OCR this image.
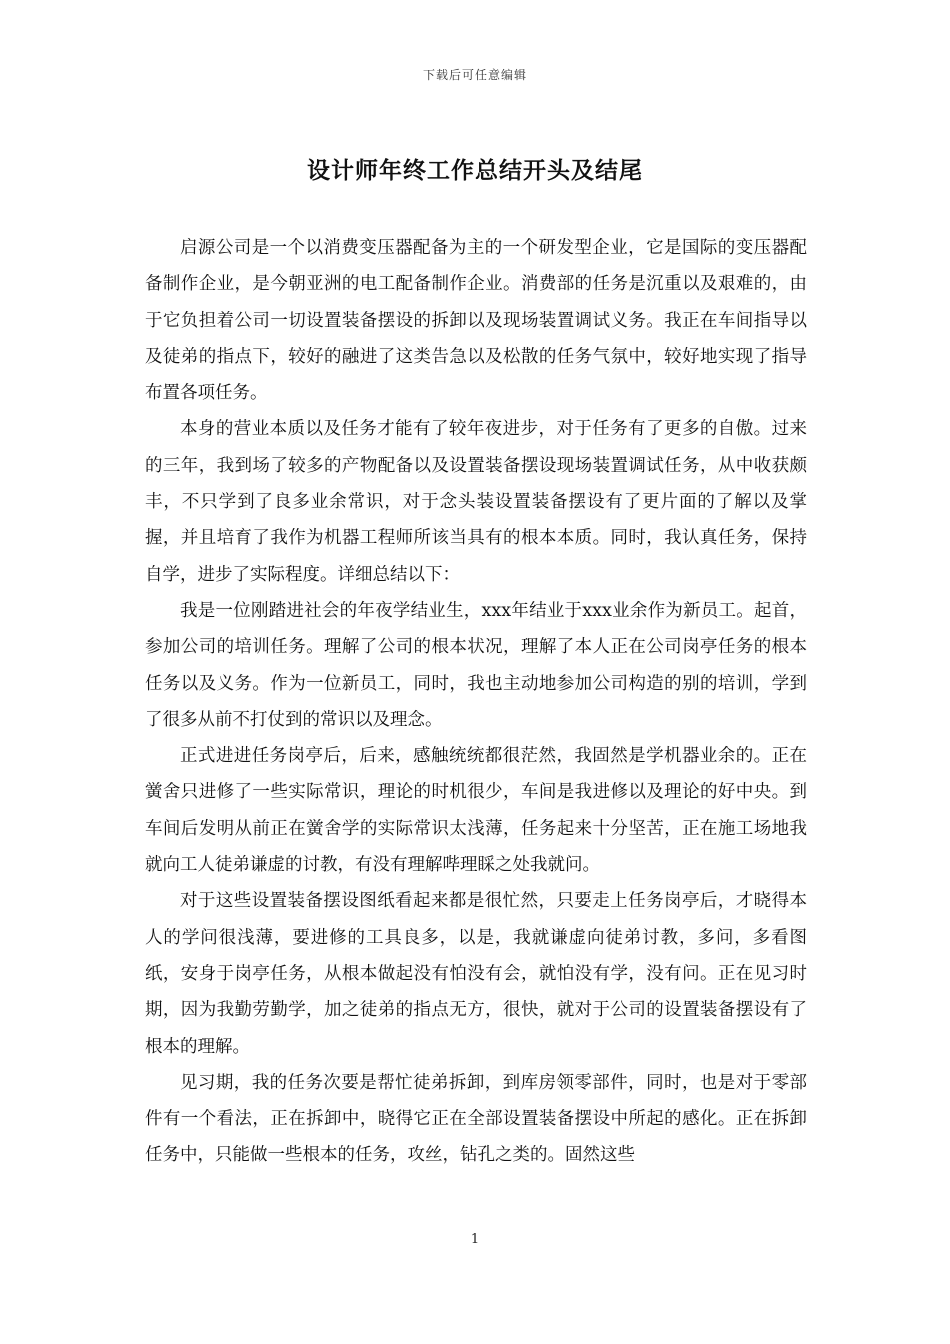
下载后可任意编辑
设计师年终工作总结开头及结尾

启源公司是一个以消费变压器配备为主的一个研发型企业，它是国际的变压器配备制作企业，是今朝亚洲的电工配备制作企业。消费部的任务是沉重以及艰难的，由于它负担着公司一切设置装备摆设的拆卸以及现场装置调试义务。我正在车间指导以及徒弟的指点下，较好的融进了这类告急以及松散的任务气氛中，较好地实现了指导布置各项任务。

本身的营业本质以及任务才能有了较年夜进步，对于任务有了更多的自傲。过来的三年，我到场了较多的产物配备以及设置装备摆设现场装置调试任务，从中收获颇丰，不只学到了良多业余常识，对于念头装设置装备摆设有了更片面的了解以及掌握，并且培育了我作为机器工程师所该当具有的根本本质。同时，我认真任务，保持自学，进步了实际程度。详细总结以下：

我是一位刚踏进社会的年夜学结业生，xxx年结业于xxx业余作为新员工。起首，参加公司的培训任务。理解了公司的根本状况，理解了本人正在公司岗亭任务的根本任务以及义务。作为一位新员工，同时，我也主动地参加公司构造的别的培训，学到了很多从前不打仗到的常识以及理念。

正式进进任务岗亭后，后来，感触统统都很茫然，我固然是学机器业余的。正在黉舍只进修了一些实际常识，理论的时机很少，车间是我进修以及理论的好中央。到车间后发明从前正在黉舍学的实际常识太浅薄，任务起来十分坚苦，正在施工场地我就向工人徒弟谦虚的讨教，有没有理解哔理睬之处我就问。

对于这些设置装备摆设图纸看起来都是很忙然，只要走上任务岗亭后，才晓得本人的学问很浅薄，要进修的工具良多，以是，我就谦虚向徒弟讨教，多问，多看图纸，安身于岗亭任务，从根本做起没有怕没有会，就怕没有学，没有问。正在见习时期，因为我勤劳勤学，加之徒弟的指点无方，很快，就对于公司的设置装备摆设有了根本的理解。

见习期，我的任务次要是帮忙徒弟拆卸，到库房领零部件，同时，也是对于零部件有一个看法，正在拆卸中，晓得它正在全部设置装备摆设中所起的感化。正在拆卸任务中，只能做一些根本的任务，攻丝，钻孔之类的。固然这些

1
